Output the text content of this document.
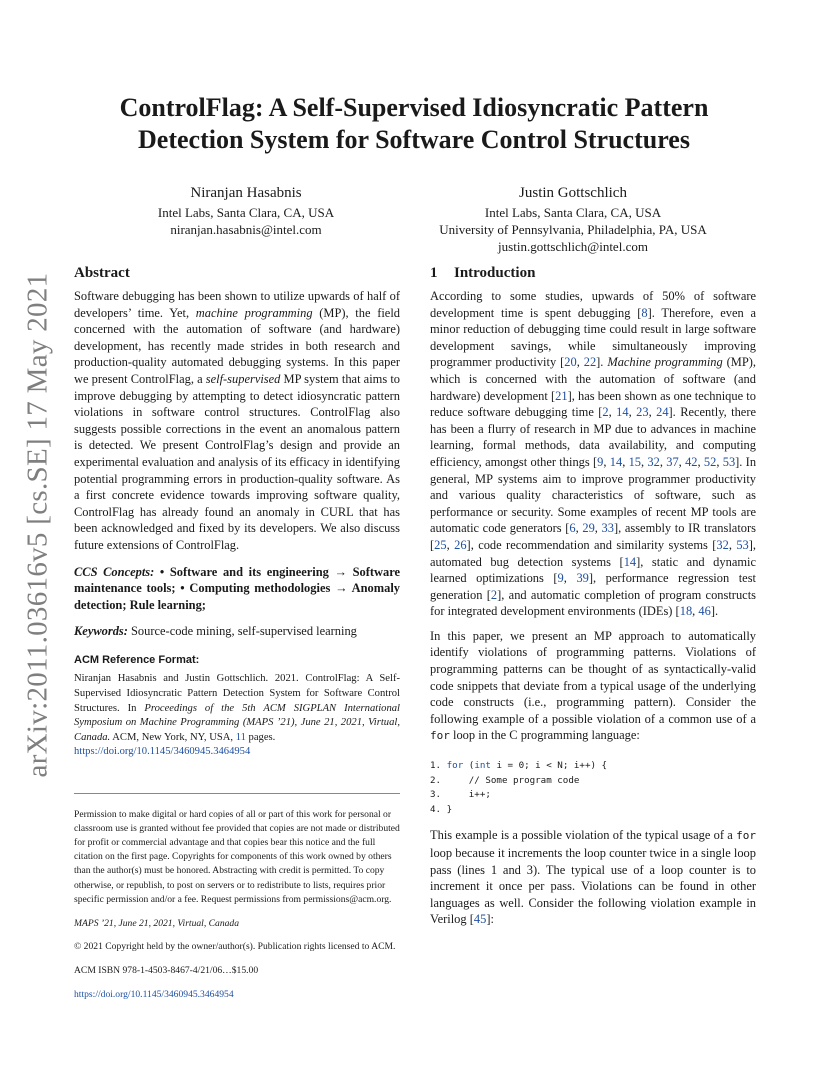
arXiv:2011.03616v5 [cs.SE] 17 May 2021
ControlFlag: A Self-Supervised Idiosyncratic Pattern
Detection System for Software Control Structures
Niranjan Hasabnis
Intel Labs, Santa Clara, CA, USA
niranjan.hasabnis@intel.com
Justin Gottschlich
Intel Labs, Santa Clara, CA, USA
University of Pennsylvania, Philadelphia, PA, USA
justin.gottschlich@intel.com
Abstract

Software debugging has been shown to utilize upwards of half of developers’ time. Yet, machine programming (MP), the field concerned with the automation of software (and hardware) development, has recently made strides in both research and production-quality automated debugging systems. In this paper we present ControlFlag, a self-supervised MP system that aims to improve debugging by attempting to detect idiosyncratic pattern violations in software control structures. ControlFlag also suggests possible corrections in the event an anomalous pattern is detected. We present ControlFlag’s design and provide an experimental evaluation and analysis of its efficacy in identifying potential programming errors in production-quality software. As a first concrete evidence towards improving software quality, ControlFlag has already found an anomaly in CURL that has been acknowledged and fixed by its developers. We also discuss future extensions of ControlFlag.

CCS Concepts: • Software and its engineering → Software maintenance tools; • Computing methodologies → Anomaly detection; Rule learning;

Keywords: Source-code mining, self-supervised learning

ACM Reference Format:

Niranjan Hasabnis and Justin Gottschlich. 2021. ControlFlag: A Self-Supervised Idiosyncratic Pattern Detection System for Software Control Structures. In Proceedings of the 5th ACM SIGPLAN International Symposium on Machine Programming (MAPS ’21), June 21, 2021, Virtual, Canada. ACM, New York, NY, USA, 11 pages.
https://doi.org/10.1145/3460945.3464954

Permission to make digital or hard copies of all or part of this work for personal or classroom use is granted without fee provided that copies are not made or distributed for profit or commercial advantage and that copies bear this notice and the full citation on the first page. Copyrights for components of this work owned by others than the author(s) must be honored. Abstracting with credit is permitted. To copy otherwise, or republish, to post on servers or to redistribute to lists, requires prior specific permission and/or a fee. Request permissions from permissions@acm.org.

MAPS ’21, June 21, 2021, Virtual, Canada

© 2021 Copyright held by the owner/author(s). Publication rights licensed to ACM.

ACM ISBN 978-1-4503-8467-4/21/06…$15.00

https://doi.org/10.1145/3460945.3464954

1 Introduction

According to some studies, upwards of 50% of software development time is spent debugging [8]. Therefore, even a minor reduction of debugging time could result in large software development savings, while simultaneously improving programmer productivity [20, 22]. Machine programming (MP), which is concerned with the automation of software (and hardware) development [21], has been shown as one technique to reduce software debugging time [2, 14, 23, 24]. Recently, there has been a flurry of research in MP due to advances in machine learning, formal methods, data availability, and computing efficiency, amongst other things [9, 14, 15, 32, 37, 42, 52, 53]. In general, MP systems aim to improve programmer productivity and various quality characteristics of software, such as performance or security. Some examples of recent MP tools are automatic code generators [6, 29, 33], assembly to IR translators [25, 26], code recommendation and similarity systems [32, 53], automated bug detection systems [14], static and dynamic learned optimizations [9, 39], performance regression test generation [2], and automatic completion of program constructs for integrated development environments (IDEs) [18, 46].

In this paper, we present an MP approach to automatically identify violations of programming patterns. Violations of programming patterns can be thought of as syntactically-valid code snippets that deviate from a typical usage of the underlying code constructs (i.e., programming pattern). Consider the following example of a possible violation of a common use of a for loop in the C programming language:

1. for (int i = 0; i < N; i++) {
2.     // Some program code
3.     i++;
4. }

This example is a possible violation of the typical usage of a for loop because it increments the loop counter twice in a single loop pass (lines 1 and 3). The typical use of a loop counter is to increment it once per pass. Violations can be found in other languages as well. Consider the following violation example in Verilog [45]:
